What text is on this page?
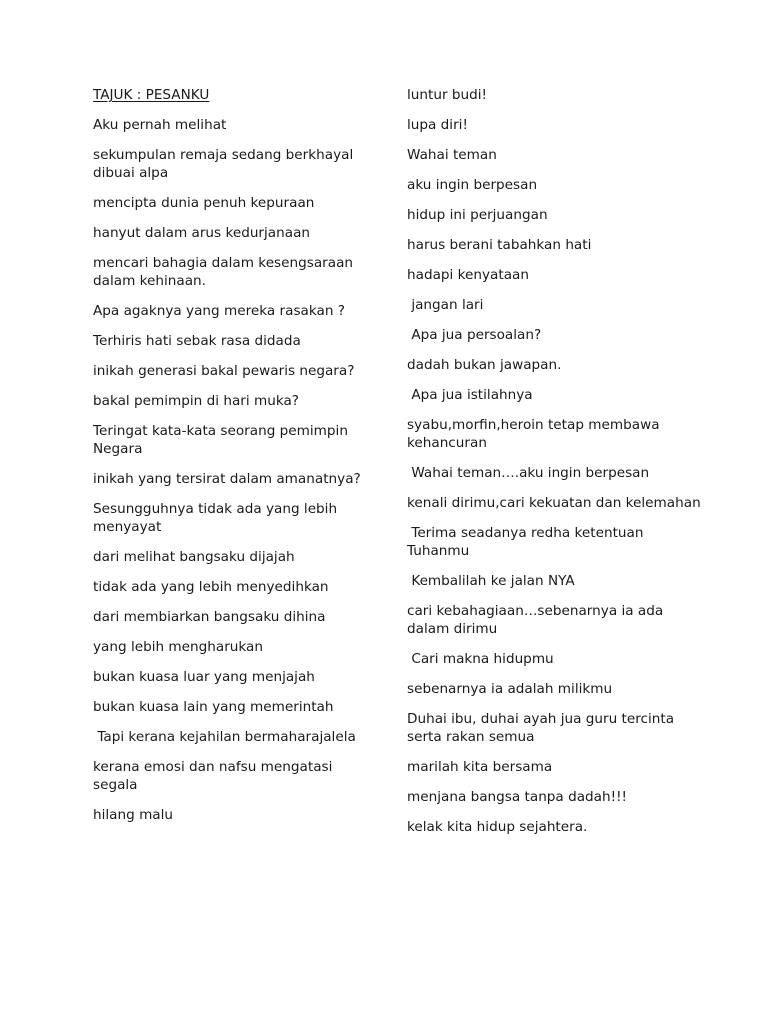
TAJUK : PESANKU
Aku pernah melihat
sekumpulan remaja sedang berkhayal dibuai alpa
mencipta dunia penuh kepuraan
hanyut dalam arus kedurjanaan
mencari bahagia dalam kesengsaraan dalam kehinaan.
Apa agaknya yang mereka rasakan ?
Terhiris hati sebak rasa didada
inikah generasi bakal pewaris negara?
bakal pemimpin di hari muka?
Teringat kata-kata seorang pemimpin Negara
inikah yang tersirat dalam amanatnya?
Sesungguhnya tidak ada yang lebih menyayat
dari melihat bangsaku dijajah
tidak ada yang lebih menyedihkan
dari membiarkan bangsaku dihina
yang lebih mengharukan
bukan kuasa luar yang menjajah
bukan kuasa lain yang memerintah
Tapi kerana kejahilan bermaharajalela
kerana emosi dan nafsu mengatasi segala
hilang malu
luntur budi!
lupa diri!
Wahai teman
aku ingin berpesan
hidup ini perjuangan
harus berani tabahkan hati
hadapi kenyataan
jangan lari
Apa jua persoalan?
dadah bukan jawapan.
Apa jua istilahnya
syabu,morfin,heroin tetap membawa kehancuran
Wahai teman….aku ingin berpesan
kenali dirimu,cari kekuatan dan kelemahan
Terima seadanya redha ketentuan Tuhanmu
Kembalilah ke jalan NYA
cari kebahagiaan…sebenarnya ia ada dalam dirimu
Cari makna hidupmu
sebenarnya ia adalah milikmu
Duhai ibu, duhai ayah jua guru tercinta serta rakan semua
marilah kita bersama
menjana bangsa tanpa dadah!!!
kelak kita hidup sejahtera.
